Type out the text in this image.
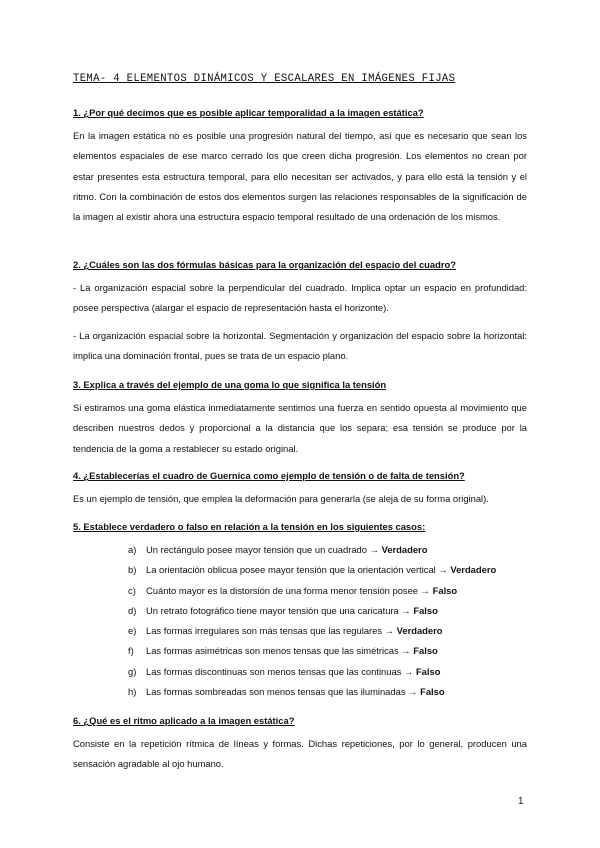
TEMA- 4 ELEMENTOS DINÁMICOS Y ESCALARES EN IMÁGENES FIJAS
1. ¿Por qué decimos que es posible aplicar temporalidad a la imagen estática?

En la imagen estática no es posible una progresión natural del tiempo, así que es necesario que sean los elementos espaciales de ese marco cerrado los que creen dicha progresión. Los elementos no crean por estar presentes esta estructura temporal, para ello necesitan ser activados, y para ello está la tensión y el ritmo. Con la combinación de estos dos elementos surgen las relaciones responsables de la significación de la imagen al existir ahora una estructura espacio temporal resultado de una ordenación de los mismos.

2. ¿Cuáles son las dos fórmulas básicas para la organización del espacio del cuadro?

- La organización espacial sobre la perpendicular del cuadrado. Implica optar un espacio en profundidad: posee perspectiva (alargar el espacio de representación hasta el horizonte).

- La organización espacial sobre la horizontal. Segmentación y organización del espacio sobre la horizontal: implica una dominación frontal, pues se trata de un espacio plano.

3. Explica a través del ejemplo de una goma lo que significa la tensión

Si estiramos una goma elástica inmediatamente sentimos una fuerza en sentido opuesta al movimiento que describen nuestros dedos y proporcional a la distancia que los separa; esa tensión se produce por la tendencia de la goma a restablecer su estado original.

4. ¿Establecerías el cuadro de Guernica como ejemplo de tensión o de falta de tensión?

Es un ejemplo de tensión, que emplea la deformación para generarla (se aleja de su forma original).

5. Establece verdadero o falso en relación a la tensión en los siguientes casos:
a) Un rectángulo posee mayor tensión que un cuadrado → Verdadero
b) La orientación oblicua posee mayor tensión que la orientación vertical → Verdadero
c) Cuánto mayor es la distorsión de una forma menor tensión posee → Falso
d) Un retrato fotográfico tiene mayor tensión que una caricatura → Falso
e) Las formas irregulares son más tensas que las regulares → Verdadero
f) Las formas asimétricas son menos tensas que las simétricas → Falso
g) Las formas discontinuas son menos tensas que las continuas → Falso
h) Las formas sombreadas son menos tensas que las iluminadas → Falso
6. ¿Qué es el ritmo aplicado a la imagen estática?

Consiste en la repetición rítmica de líneas y formas. Dichas repeticiones, por lo general, producen una sensación agradable al ojo humano.

1
